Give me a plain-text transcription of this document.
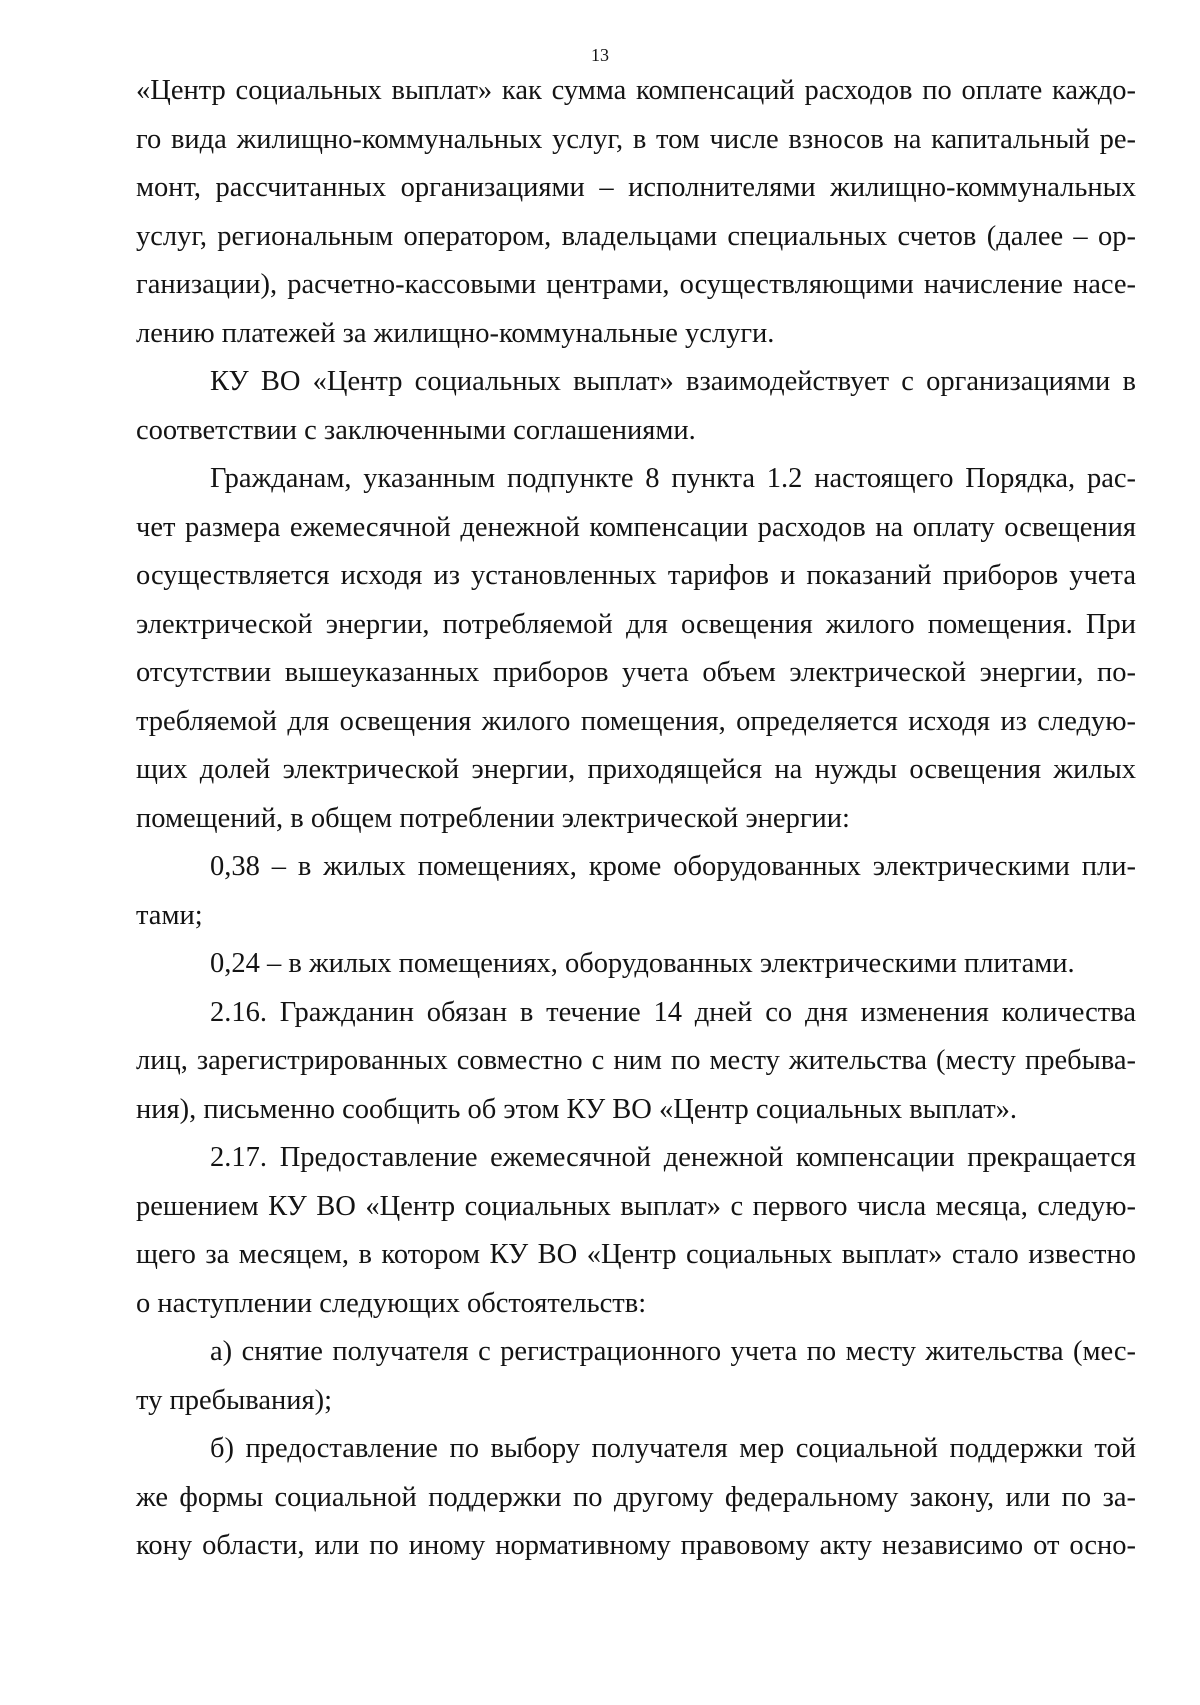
13
«Центр социальных выплат» как сумма компенсаций расходов по оплате каждо-
го вида жилищно-коммунальных услуг, в том числе взносов на капитальный ре-
монт, рассчитанных организациями – исполнителями жилищно-коммунальных
услуг, региональным оператором, владельцами специальных счетов (далее – ор-
ганизации), расчетно-кассовыми центрами, осуществляющими начисление насе-
лению платежей за жилищно-коммунальные услуги.
КУ ВО «Центр социальных выплат» взаимодействует с организациями в
соответствии с заключенными соглашениями.
Гражданам, указанным подпункте 8 пункта 1.2 настоящего Порядка, рас-
чет размера ежемесячной денежной компенсации расходов на оплату освещения
осуществляется исходя из установленных тарифов и показаний приборов учета
электрической энергии, потребляемой для освещения жилого помещения. При
отсутствии вышеуказанных приборов учета объем электрической энергии, по-
требляемой для освещения жилого помещения, определяется исходя из следую-
щих долей электрической энергии, приходящейся на нужды освещения жилых
помещений, в общем потреблении электрической энергии:
0,38 – в жилых помещениях, кроме оборудованных электрическими пли-
тами;
0,24 – в жилых помещениях, оборудованных электрическими плитами.
2.16. Гражданин обязан в течение 14 дней со дня изменения количества
лиц, зарегистрированных совместно с ним по месту жительства (месту пребыва-
ния), письменно сообщить об этом КУ ВО «Центр социальных выплат».
2.17. Предоставление ежемесячной денежной компенсации прекращается
решением КУ ВО «Центр социальных выплат» с первого числа месяца, следую-
щего за месяцем, в котором КУ ВО «Центр социальных выплат» стало известно
о наступлении следующих обстоятельств:
а) снятие получателя с регистрационного учета по месту жительства (мес-
ту пребывания);
б) предоставление по выбору получателя мер социальной поддержки той
же формы социальной поддержки по другому федеральному закону, или по за-
кону области, или по иному нормативному правовому акту независимо от осно-
